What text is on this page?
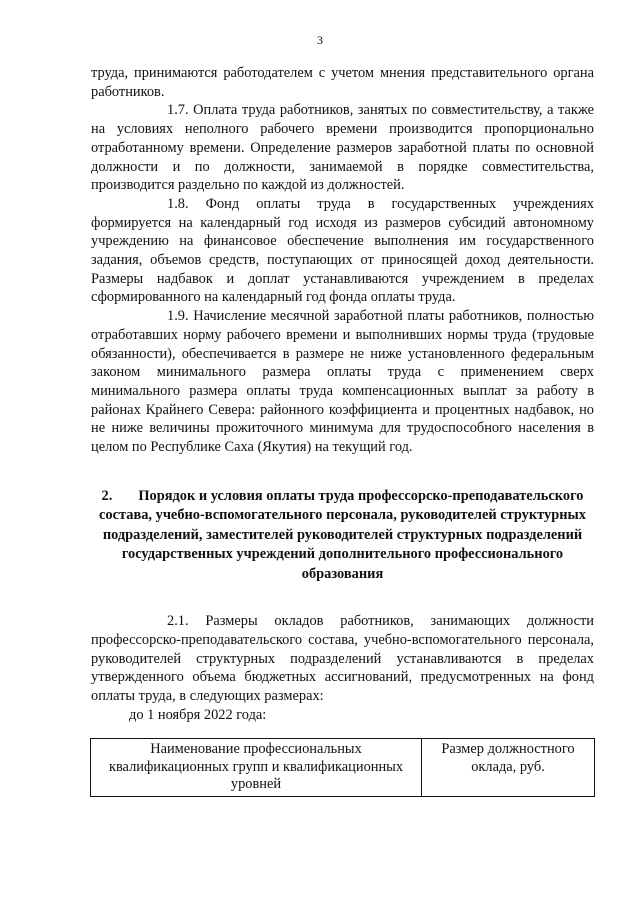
3

труда, принимаются работодателем с учетом мнения представительного органа работников.

1.7. Оплата труда работников, занятых по совместительству, а также на условиях неполного рабочего времени производится пропорционально отработанному времени. Определение размеров заработной платы по основной должности и по должности, занимаемой в порядке совместительства, производится раздельно по каждой из должностей.

1.8. Фонд оплаты труда в государственных учреждениях формируется на календарный год исходя из размеров субсидий автономному учреждению на финансовое обеспечение выполнения им государственного задания, объемов средств, поступающих от приносящей доход деятельности. Размеры надбавок и доплат устанавливаются учреждением в пределах сформированного на календарный год фонда оплаты труда.

1.9. Начисление месячной заработной платы работников, полностью отработавших норму рабочего времени и выполнивших нормы труда (трудовые обязанности), обеспечивается в размере не ниже установленного федеральным законом минимального размера оплаты труда с применением сверх минимального размера оплаты труда компенсационных выплат за работу в районах Крайнего Севера: районного коэффициента и процентных надбавок, но не ниже величины прожиточного минимума для трудоспособного населения в целом по Республике Саха (Якутия) на текущий год.

2. Порядок и условия оплаты труда профессорско-преподавательского состава, учебно-вспомогательного персонала, руководителей структурных подразделений, заместителей руководителей структурных подразделений государственных учреждений дополнительного профессионального образования

2.1. Размеры окладов работников, занимающих должности профессорско-преподавательского состава, учебно-вспомогательного персонала, руководителей структурных подразделений устанавливаются в пределах утвержденного объема бюджетных ассигнований, предусмотренных на фонд оплаты труда, в следующих размерах:

до 1 ноября 2022 года:

Наименование профессиональных квалификационных групп и квалификационных уровней	Размер должностного оклада, руб.
